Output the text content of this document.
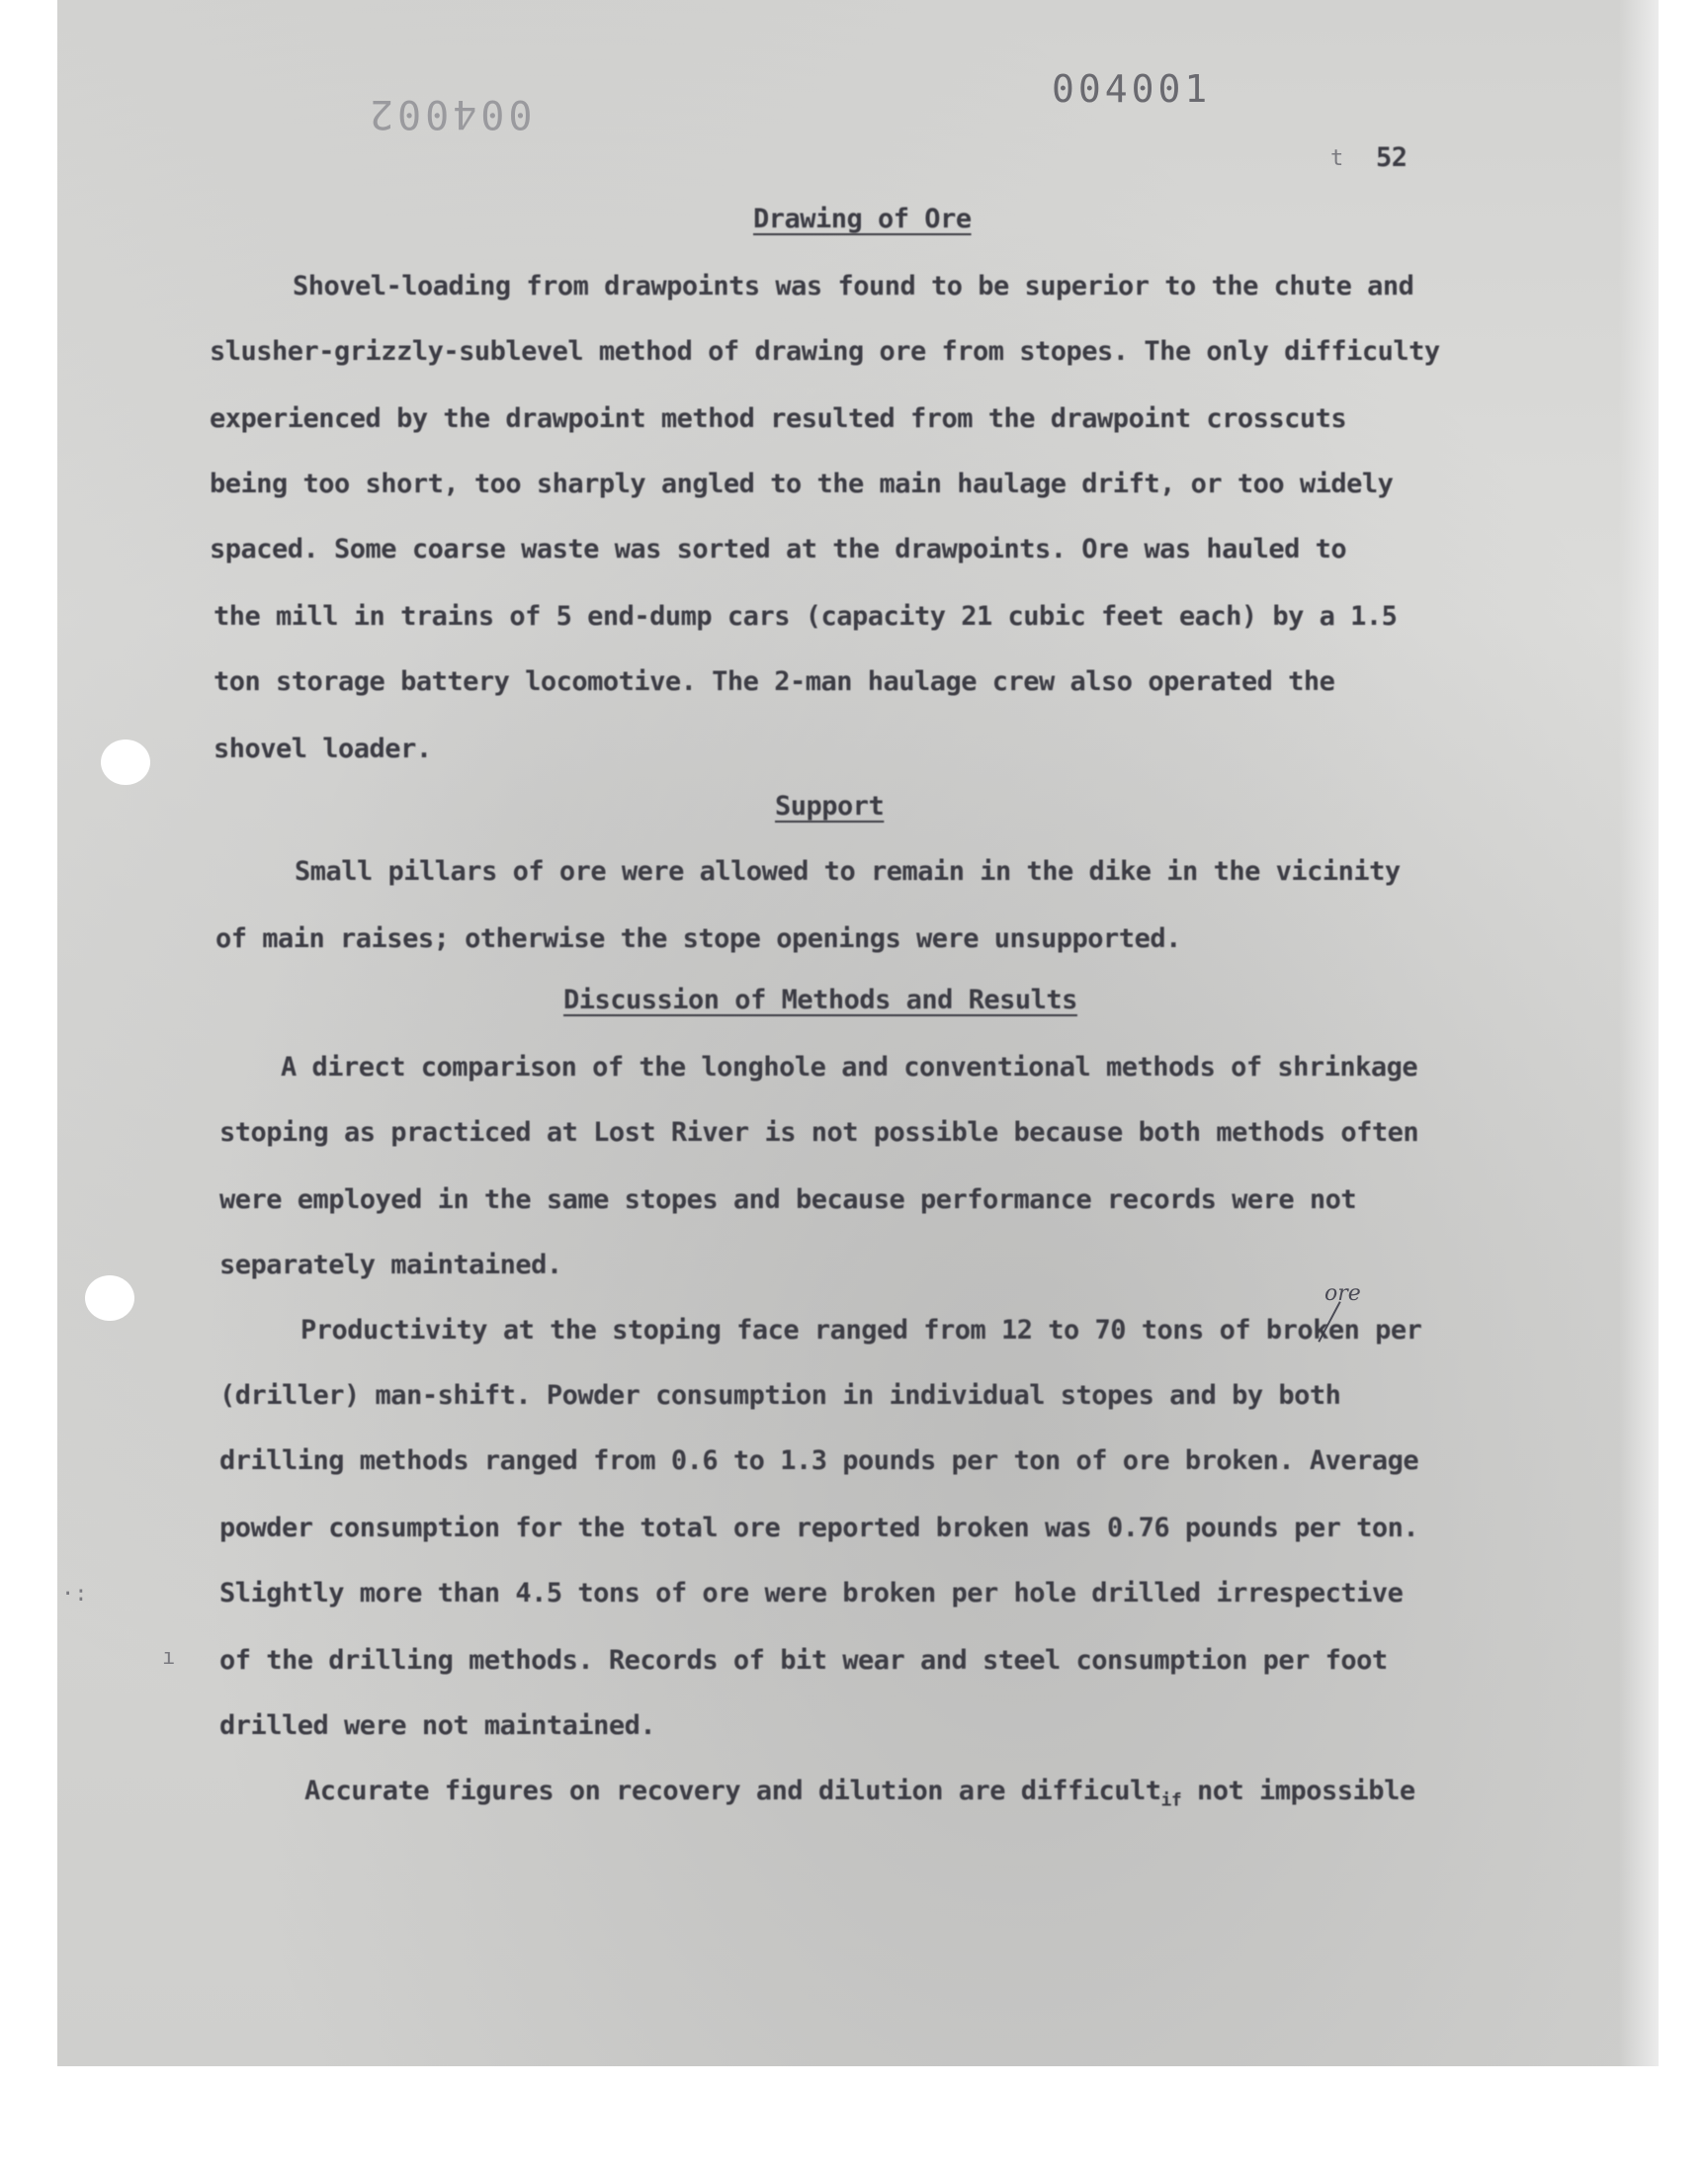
004002
004001
t 52
Drawing of Ore
Shovel-loading from drawpoints was found to be superior to the chute and
slusher-grizzly-sublevel method of drawing ore from stopes. The only difficulty
experienced by the drawpoint method resulted from the drawpoint crosscuts
being too short, too sharply angled to the main haulage drift, or too widely
spaced. Some coarse waste was sorted at the drawpoints. Ore was hauled to
the mill in trains of 5 end-dump cars (capacity 21 cubic feet each) by a 1.5
ton storage battery locomotive. The 2-man haulage crew also operated the
shovel loader.
Support
Small pillars of ore were allowed to remain in the dike in the vicinity
of main raises; otherwise the stope openings were unsupported.
Discussion of Methods and Results
A direct comparison of the longhole and conventional methods of shrinkage
stoping as practiced at Lost River is not possible because both methods often
were employed in the same stopes and because performance records were not
separately maintained.
ore
Productivity at the stoping face ranged from 12 to 70 tons of broken per
(driller) man-shift. Powder consumption in individual stopes and by both
drilling methods ranged from 0.6 to 1.3 pounds per ton of ore broken. Average
powder consumption for the total ore reported broken was 0.76 pounds per ton.
Slightly more than 4.5 tons of ore were broken per hole drilled irrespective
of the drilling methods. Records of bit wear and steel consumption per foot
drilled were not maintained.
Accurate figures on recovery and dilution are difficult$_{if}$ not impossible
·:
ı
